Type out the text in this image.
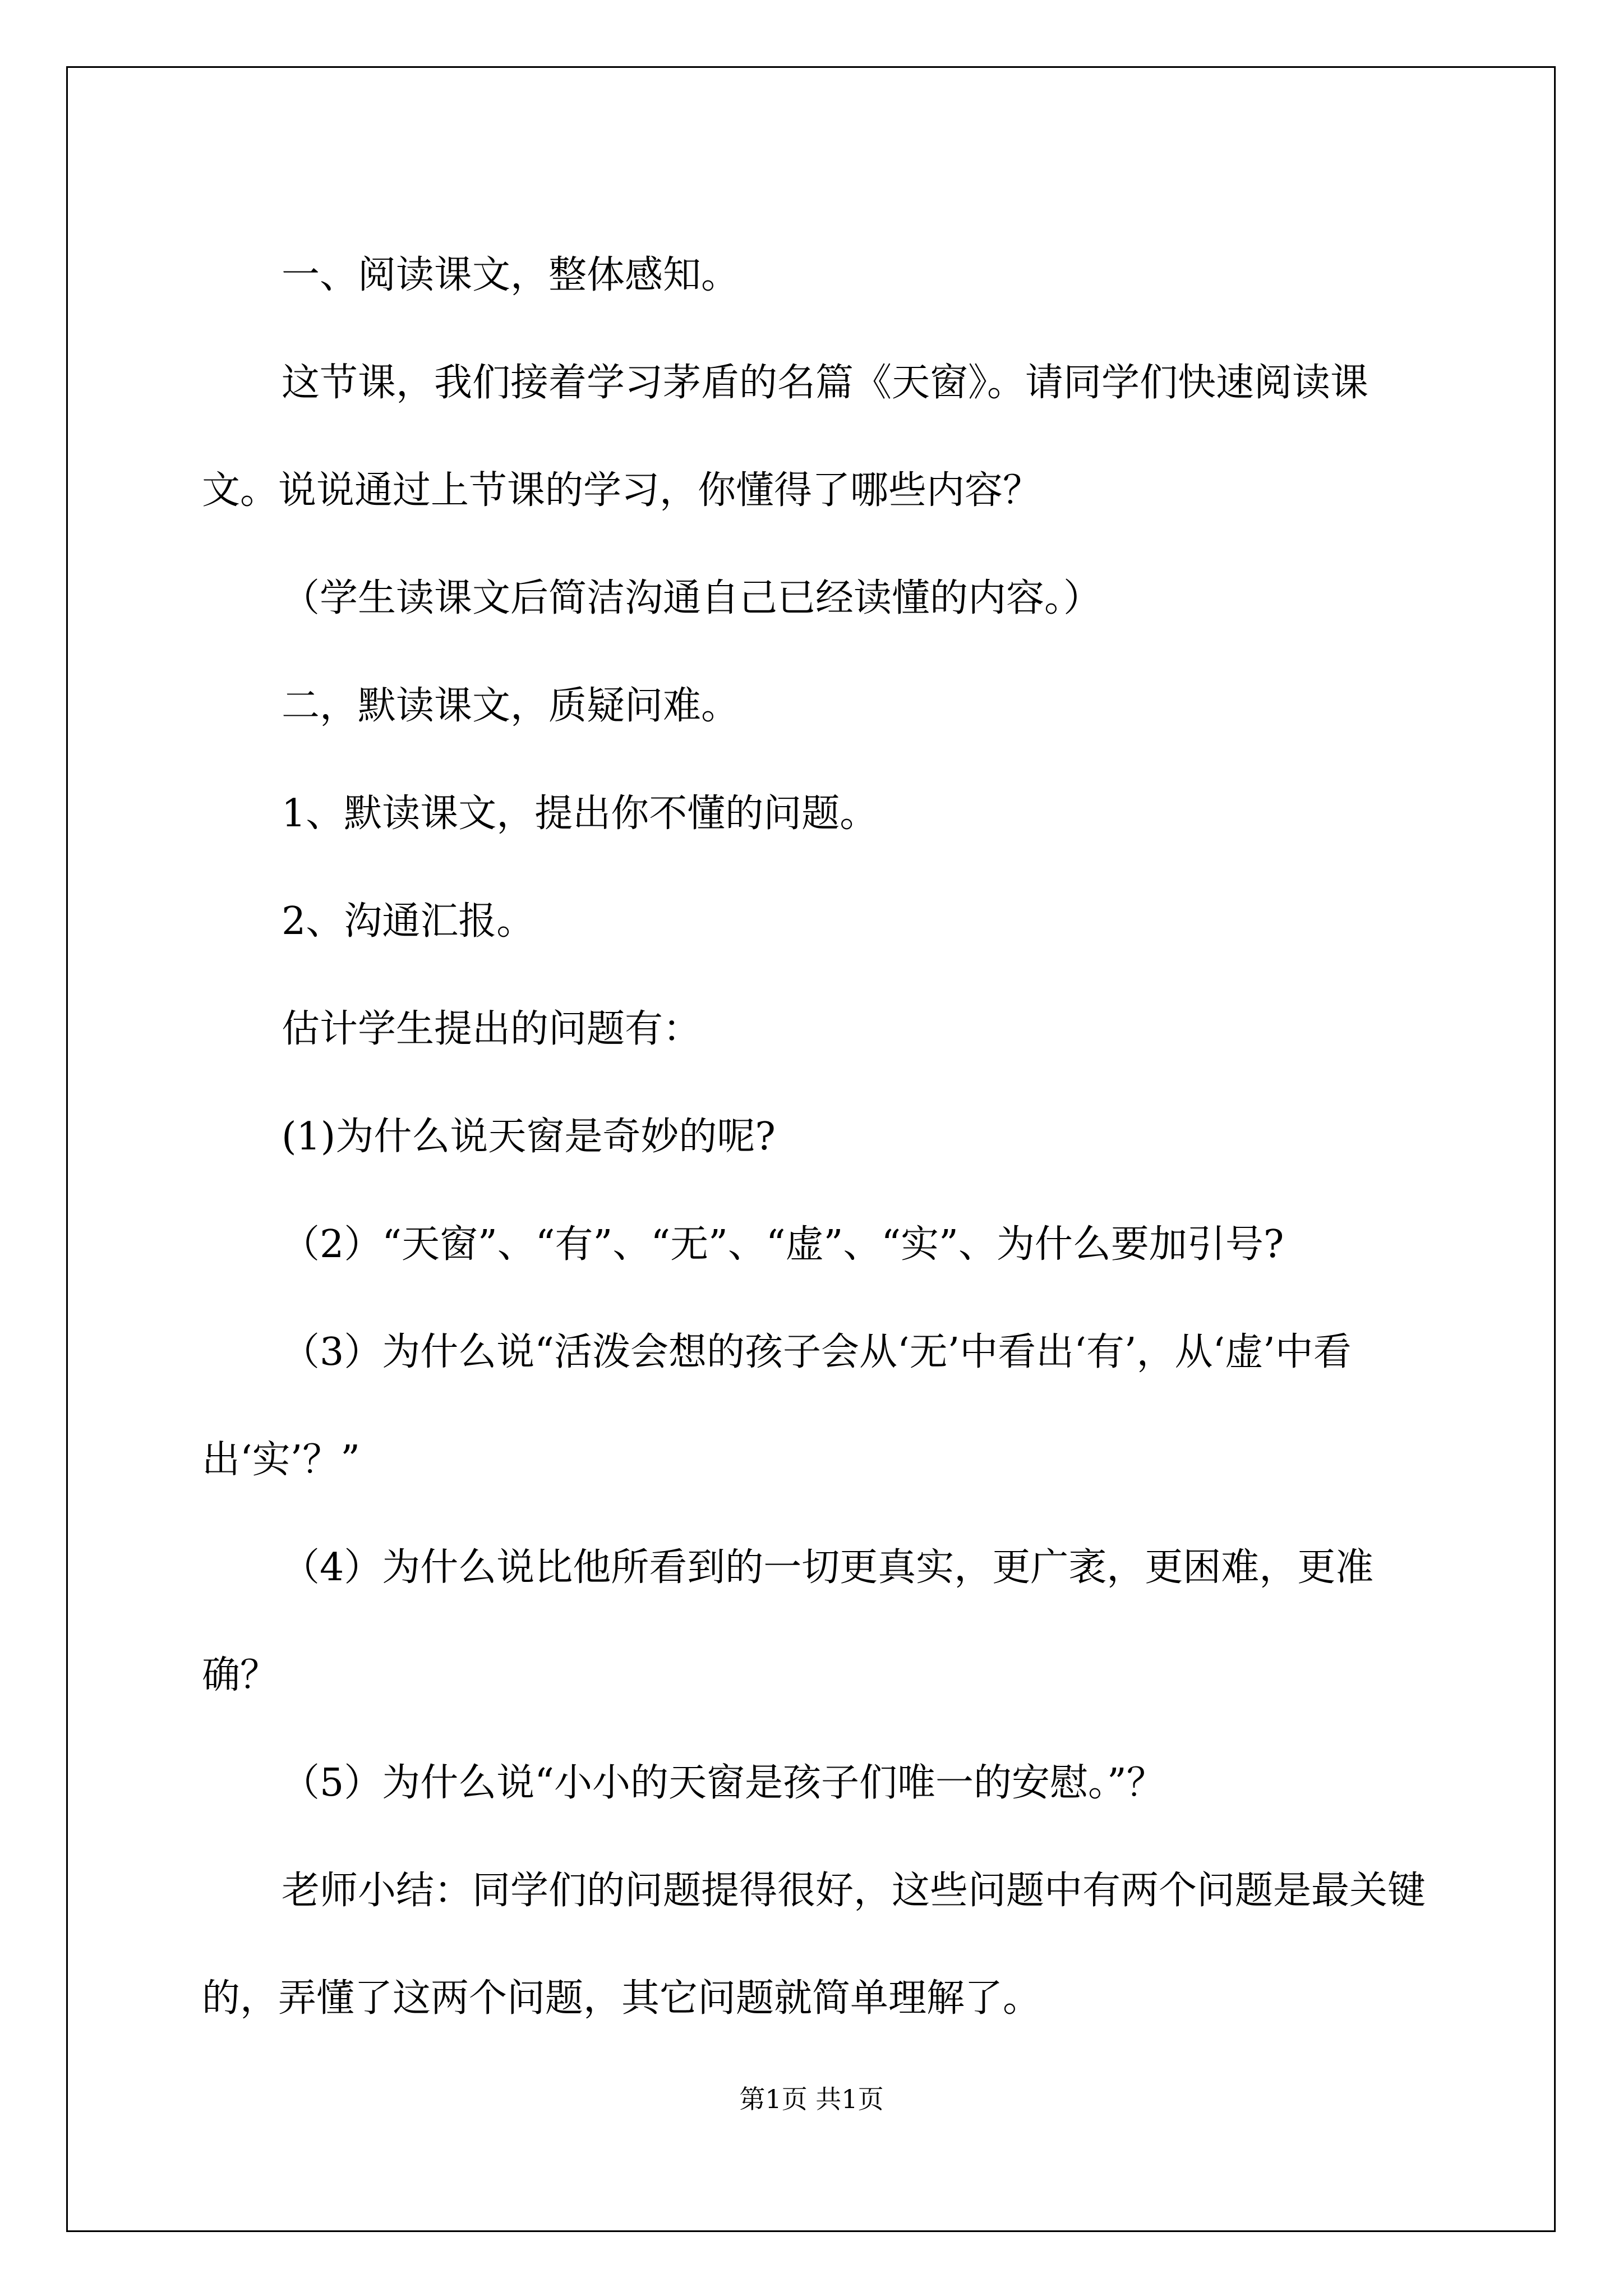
一、阅读课文，整体感知。

这节课，我们接着学习茅盾的名篇《天窗》。请同学们快速阅读课文。说说通过上节课的学习，你懂得了哪些内容？

（学生读课文后简洁沟通自己已经读懂的内容。）

二，默读课文，质疑问难。

1、默读课文，提出你不懂的问题。

2、沟通汇报。

估计学生提出的问题有：

(1)为什么说天窗是奇妙的呢?

（2）“天窗”、“有”、“无”、“虚”、“实”、为什么要加引号?

（3）为什么说“活泼会想的孩子会从‘无’中看出‘有’，从‘虚’中看出‘实’？”

（4）为什么说比他所看到的一切更真实，更广袤，更困难，更准确？

（5）为什么说“小小的天窗是孩子们唯一的安慰。”？

老师小结：同学们的问题提得很好，这些问题中有两个问题是最关键的，弄懂了这两个问题，其它问题就简单理解了。

第1页 共1页
